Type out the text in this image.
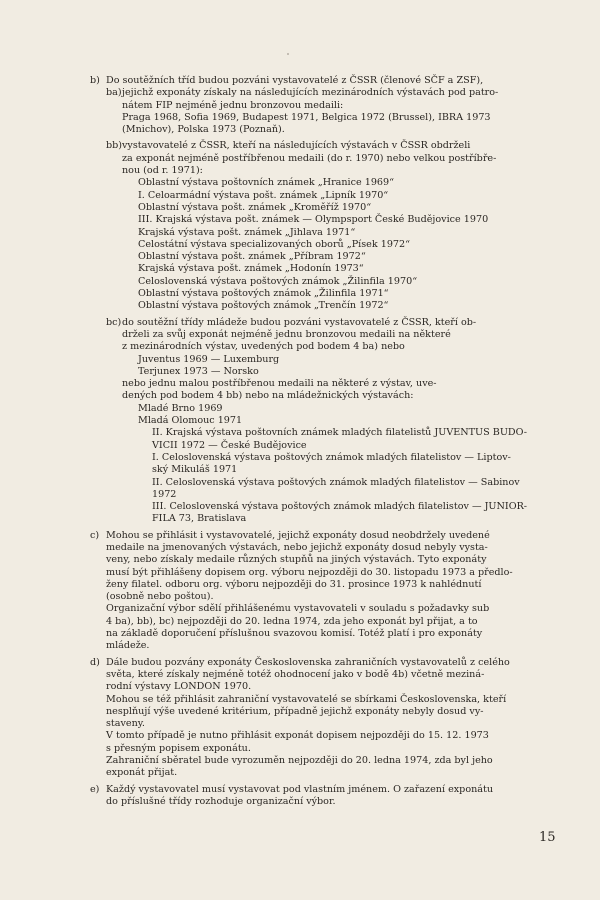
b) Do soutěžních tříd budou pozváni vystavovatelé z ČSSR (členové SČF a ZSF),
ba) jejichž exponáty získaly na následujících mezinárodních výstavách pod patro-
nátem FIP nejméně jednu bronzovou medaili:
Praga 1968, Sofia 1969, Budapest 1971, Belgica 1972 (Brussel), IBRA 1973
(Mnichov), Polska 1973 (Poznaň).
bb) vystavovatelé z ČSSR, kteří na následujících výstavách v ČSSR obdrželi
za exponát nejméně postříbřenou medaili (do r. 1970) nebo velkou postříbře-
nou (od r. 1971):
Oblastní výstava poštovních známek „Hranice 1969“
I. Celoarmádní výstava pošt. známek „Lipník 1970“
Oblastní výstava pošt. známek „Kroměříž 1970“
III. Krajská výstava pošt. známek — Olympsport České Budějovice 1970
Krajská výstava pošt. známek „Jihlava 1971“
Celostátní výstava specializovaných oborů „Písek 1972“
Oblastní výstava pošt. známek „Příbram 1972“
Krajská výstava pošt. známek „Hodonín 1973“
Celoslovenská výstava poštových známok „Žilinfila 1970“
Oblastní výstava poštových známok „Žilinfila 1971“
Oblastní výstava poštových známok „Trenčín 1972“
bc) do soutěžní třídy mládeže budou pozváni vystavovatelé z ČSSR, kteří ob-
drželi za svůj exponát nejméně jednu bronzovou medaili na některé
z mezinárodních výstav, uvedených pod bodem 4 ba) nebo
Juventus 1969 — Luxemburg
Terjunex 1973 — Norsko
nebo jednu malou postříbřenou medaili na některé z výstav, uve-
dených pod bodem 4 bb) nebo na mládežnických výstavách:
Mladé Brno 1969
Mladá Olomouc 1971
II. Krajská výstava poštovních známek mladých filatelistů JUVENTUS BUDO-
VICII 1972 — České Budějovice
I. Celoslovenská výstava poštových známok mladých filatelistov — Liptov-
ský Mikuláš 1971
II. Celoslovenská výstava poštových známok mladých filatelistov — Sabinov
1972
III. Celoslovenská výstava poštových známok mladých filatelistov — JUNIOR-
FILA 73, Bratislava
c) Mohou se přihlásit i vystavovatelé, jejichž exponáty dosud neobdržely uvedené
medaile na jmenovaných výstavách, nebo jejichž exponáty dosud nebyly vysta-
veny, nebo získaly medaile různých stupňů na jiných výstavách. Tyto exponáty
musí být přihlášeny dopisem org. výboru nejpozději do 30. listopadu 1973 a předlo-
ženy filatel. odboru org. výboru nejpozději do 31. prosince 1973 k nahlédnutí
(osobně nebo poštou).
Organizační výbor sdělí přihlášenému vystavovateli v souladu s požadavky sub
4 ba), bb), bc) nejpozději do 20. ledna 1974, zda jeho exponát byl přijat, a to
na základě doporučení příslušnou svazovou komisí. Totéž platí i pro exponáty
mládeže.
d) Dále budou pozvány exponáty Československa zahraničních vystavovatelů z celého
světa, které získaly nejméně totéž ohodnocení jako v bodě 4b) včetně meziná-
rodní výstavy LONDON 1970.
Mohou se též přihlásit zahraniční vystavovatelé se sbírkami Československa, kteří
nesplňují výše uvedené kritérium, případně jejichž exponáty nebyly dosud vy-
staveny.
V tomto případě je nutno přihlásit exponát dopisem nejpozději do 15. 12. 1973
s přesným popisem exponátu.
Zahraniční sběratel bude vyrozuměn nejpozději do 20. ledna 1974, zda byl jeho
exponát přijat.
e) Každý vystavovatel musí vystavovat pod vlastním jménem. O zařazení exponátu
do příslušné třídy rozhoduje organizační výbor.
15
